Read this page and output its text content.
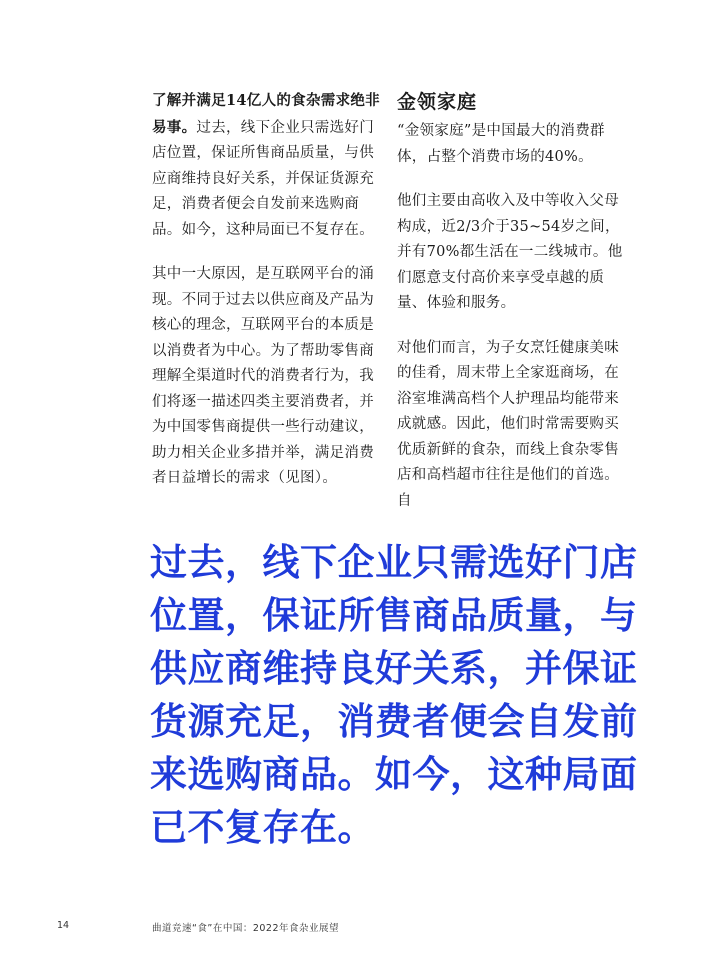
了解并满足14亿人的食杂需求绝非易事。过去，线下企业只需选好门店位置，保证所售商品质量，与供应商维持良好关系，并保证货源充足，消费者便会自发前来选购商品。如今，这种局面已不复存在。

其中一大原因，是互联网平台的涌现。不同于过去以供应商及产品为核心的理念，互联网平台的本质是以消费者为中心。为了帮助零售商理解全渠道时代的消费者行为，我们将逐一描述四类主要消费者，并为中国零售商提供一些行动建议，助力相关企业多措并举，满足消费者日益增长的需求（见图）。

金领家庭

“金领家庭”是中国最大的消费群体，占整个消费市场的40%。

他们主要由高收入及中等收入父母构成，近2/3介于35~54岁之间，并有70%都生活在一二线城市。他们愿意支付高价来享受卓越的质量、体验和服务。

对他们而言，为子女烹饪健康美味的佳肴，周末带上全家逛商场，在浴室堆满高档个人护理品均能带来成就感。因此，他们时常需要购买优质新鲜的食杂，而线上食杂零售店和高档超市往往是他们的首选。自

过去，线下企业只需选好门店位置，保证所售商品质量，与供应商维持良好关系，并保证货源充足，消费者便会自发前来选购商品。如今，这种局面已不复存在。

14	曲道竞速“食”在中国：2022年食杂业展望
